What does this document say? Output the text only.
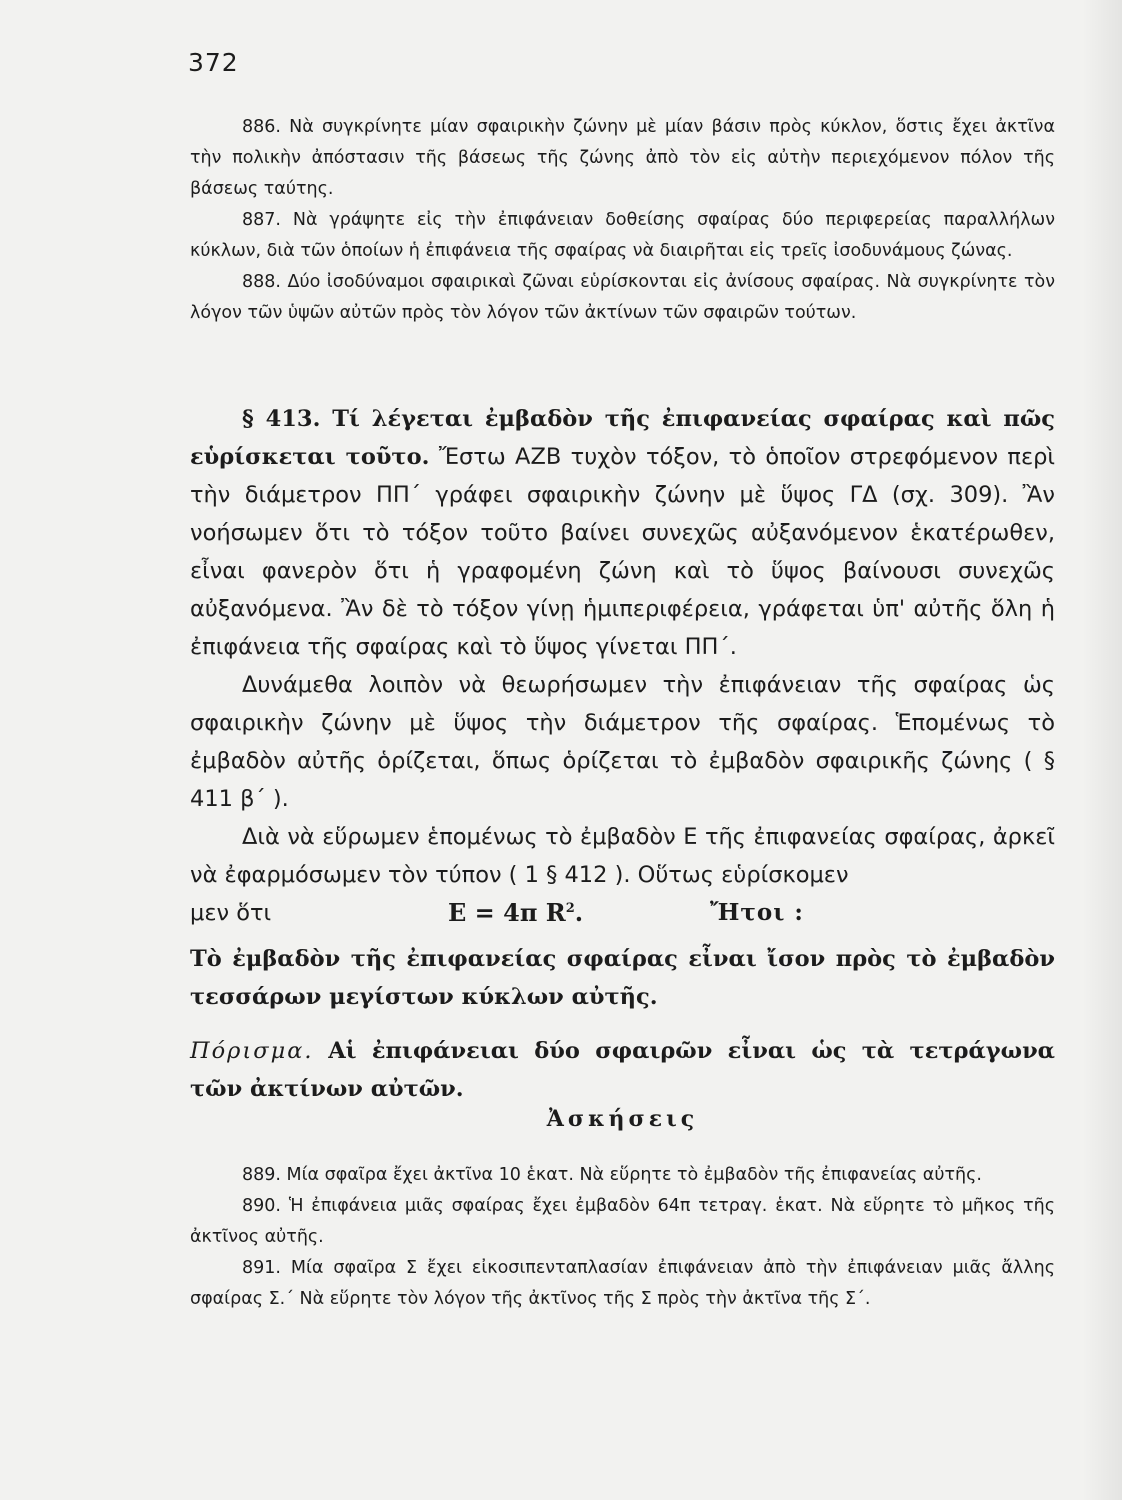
372

886. Νὰ συγκρίνητε μίαν σφαιρικὴν ζώνην μὲ μίαν βάσιν πρὸς κύκλον, ὅστις ἔχει ἀκτῖνα τὴν πολικὴν ἀπόστασιν τῆς βάσεως τῆς ζώνης ἀπὸ τὸν εἰς αὐτὴν περιεχόμενον πόλον τῆς βάσεως ταύτης.

887. Νὰ γράψητε εἰς τὴν ἐπιφάνειαν δοθείσης σφαίρας δύο περιφερείας παραλλήλων κύκλων, διὰ τῶν ὁποίων ἡ ἐπιφάνεια τῆς σφαίρας νὰ διαιρῆται εἰς τρεῖς ἰσοδυνάμους ζώνας.

888. Δύο ἰσοδύναμοι σφαιρικαὶ ζῶναι εὑρίσκονται εἰς ἀνίσους σφαίρας. Νὰ συγκρίνητε τὸν λόγον τῶν ὑψῶν αὐτῶν πρὸς τὸν λόγον τῶν ἀκτίνων τῶν σφαιρῶν τούτων.

§ 413. Τί λέγεται ἐμβαδὸν τῆς ἐπιφανείας σφαίρας καὶ πῶς εὑρίσκεται τοῦτο. Ἔστω ΑΖΒ τυχὸν τόξον, τὸ ὁποῖον στρεφόμενον περὶ τὴν διάμετρον ΠΠ΄ γράφει σφαιρικὴν ζώνην μὲ ὕψος ΓΔ (σχ. 309). Ἂν νοήσωμεν ὅτι τὸ τόξον τοῦτο βαίνει συνεχῶς αὐξανόμενον ἑκατέρωθεν, εἶναι φανερὸν ὅτι ἡ γραφομένη ζώνη καὶ τὸ ὕψος βαίνουσι συνεχῶς αὐξανόμενα. Ἂν δὲ τὸ τόξον γίνῃ ἡμιπεριφέρεια, γράφεται ὑπ' αὐτῆς ὅλη ἡ ἐπιφάνεια τῆς σφαίρας καὶ τὸ ὕψος γίνεται ΠΠ΄.

Δυνάμεθα λοιπὸν νὰ θεωρήσωμεν τὴν ἐπιφάνειαν τῆς σφαίρας ὡς σφαιρικὴν ζώνην μὲ ὕψος τὴν διάμετρον τῆς σφαίρας. Ἑπομένως τὸ ἐμβαδὸν αὐτῆς ὁρίζεται, ὅπως ὁρίζεται τὸ ἐμβαδὸν σφαιρικῆς ζώνης ( § 411 β΄ ).

Διὰ νὰ εὕρωμεν ἑπομένως τὸ ἐμβαδὸν Ε τῆς ἐπιφανείας σφαίρας, ἀρκεῖ νὰ ἐφαρμόσωμεν τὸν τύπον ( 1 § 412 ). Οὕτως εὑρίσκομεν

μεν ὅτι	Ε = 4π $R^2$.	Ἤτοι :

Τὸ ἐμβαδὸν τῆς ἐπιφανείας σφαίρας εἶναι ἴσον πρὸς τὸ ἐμβαδὸν τεσσάρων μεγίστων κύκλων αὐτῆς.

Πόρισμα. Αἱ ἐπιφάνειαι δύο σφαιρῶν εἶναι ὡς τὰ τετράγωνα τῶν ἀκτίνων αὐτῶν.

Ἀσκήσεις

889. Μία σφαῖρα ἔχει ἀκτῖνα 10 ἑκατ. Νὰ εὕρητε τὸ ἐμβαδὸν τῆς ἐπιφανείας αὐτῆς.

890. Ἡ ἐπιφάνεια μιᾶς σφαίρας ἔχει ἐμβαδὸν 64π τετραγ. ἑκατ. Νὰ εὕρητε τὸ μῆκος τῆς ἀκτῖνος αὐτῆς.

891. Μία σφαῖρα Σ ἔχει εἰκοσιπενταπλασίαν ἐπιφάνειαν ἀπὸ τὴν ἐπιφάνειαν μιᾶς ἄλλης σφαίρας Σ.΄ Νὰ εὕρητε τὸν λόγον τῆς ἀκτῖνος τῆς Σ πρὸς τὴν ἀκτῖνα τῆς Σ΄.
